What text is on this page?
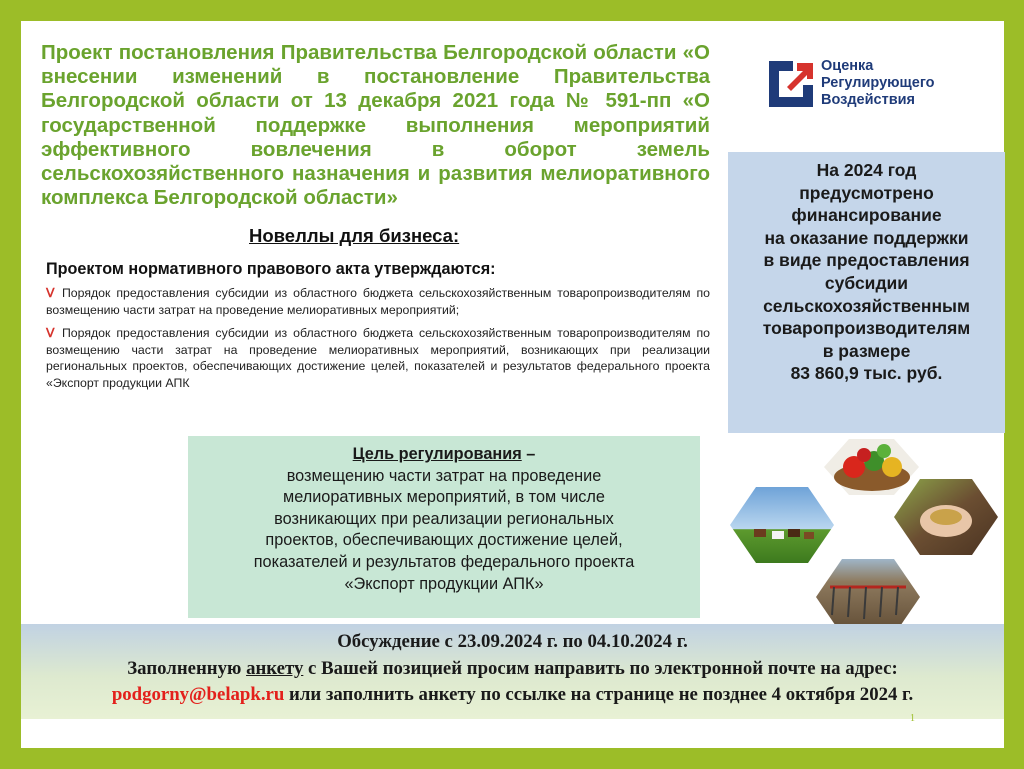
Проект постановления Правительства Белгородской области «О внесении изменений в постановление Правительства Белгородской области от 13 декабря 2021 года № 591-пп «О государственной поддержке выполнения мероприятий эффективного вовлечения в оборот земель сельскохозяйственного назначения и развития мелиоративного комплекса Белгородской области»

Оценка
Регулирующего
Воздействия
На 2024 год
предусмотрено
финансирование
на оказание поддержки
в виде предоставления
субсидии
сельскохозяйственным
товаропроизводителям
в размере
83 860,9 тыс. руб.
Новеллы для бизнеса:
Проектом нормативного правового акта утверждаются:
Ⅴ Порядок предоставления субсидии из областного бюджета сельскохозяйственным товаропроизводителям по возмещению части затрат на проведение мелиоративных мероприятий;
Ⅴ Порядок предоставления субсидии из областного бюджета сельскохозяйственным товаропроизводителям по возмещению части затрат на проведение мелиоративных мероприятий, возникающих при реализации региональных проектов, обеспечивающих достижение целей, показателей и результатов федерального проекта «Экспорт продукции АПК
Цель регулирования –
возмещению части затрат на проведение
мелиоративных мероприятий, в том числе
возникающих при реализации региональных
проектов, обеспечивающих достижение целей,
показателей и результатов федерального проекта
«Экспорт продукции АПК»
Обсуждение с 23.09.2024 г. по 04.10.2024 г.
Заполненную анкету с Вашей позицией просим направить по электронной почте на адрес:
podgorny@belapk.ru или заполнить анкету по ссылке на странице не позднее 4 октября 2024 г.
1
